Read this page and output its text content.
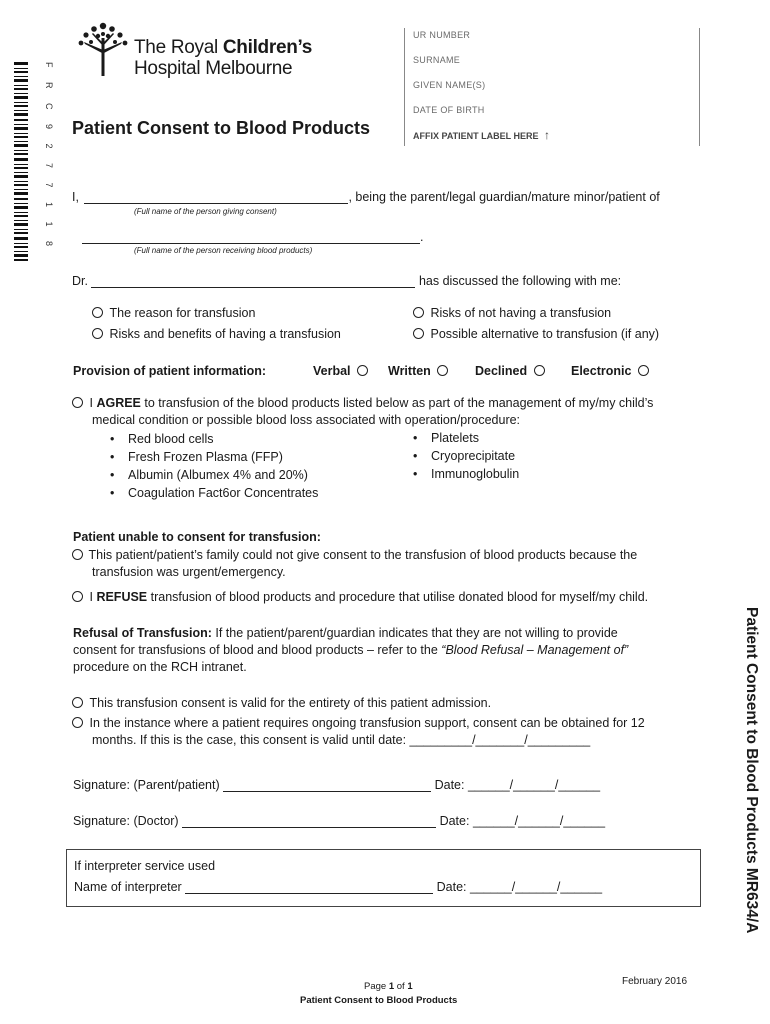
F R C 9 2 7 7 1 1 8
The Royal Children’s
Hospital Melbourne
Patient Consent to Blood Products
UR NUMBER
SURNAME
GIVEN NAME(S)
DATE OF BIRTH
AFFIX PATIENT LABEL HERE ↑
I,	, being the parent/legal guardian/mature minor/patient of
(Full name of the person giving consent)
.
(Full name of the person receiving blood products)
Dr.	has discussed the following with me:
The reason for transfusion	Risks of not having a transfusion
Risks and benefits of having a transfusion	Possible alternative to transfusion (if any)
Provision of patient information:	Verbal	Written	Declined	Electronic
I AGREE to transfusion of the blood products listed below as part of the management of my/my child’s
medical condition or possible blood loss associated with operation/procedure:
• Red blood cells
• Fresh Frozen Plasma (FFP)
• Albumin (Albumex 4% and 20%)
• Coagulation Fact6or Concentrates
• Platelets
• Cryoprecipitate
• Immunoglobulin
Patient unable to consent for transfusion:
This patient/patient’s family could not give consent to the transfusion of blood products because the
transfusion was urgent/emergency.
I REFUSE transfusion of blood products and procedure that utilise donated blood for myself/my child.
Refusal of Transfusion: If the patient/parent/guardian indicates that they are not willing to provide
consent for transfusions of blood and blood products – refer to the “Blood Refusal – Management of”
procedure on the RCH intranet.
This transfusion consent is valid for the entirety of this patient admission.
In the instance where a patient requires ongoing transfusion support, consent can be obtained for 12
months. If this is the case, this consent is valid until date: _________/_______/_________
Signature: (Parent/patient)	Date: ______/______/______
Signature: (Doctor)	Date: ______/______/______
If interpreter service used
Name of interpreter	Date: ______/______/______	Patient Consent to Blood Products MR634/A
Page 1 of 1
Patient Consent to Blood Products
February 2016
